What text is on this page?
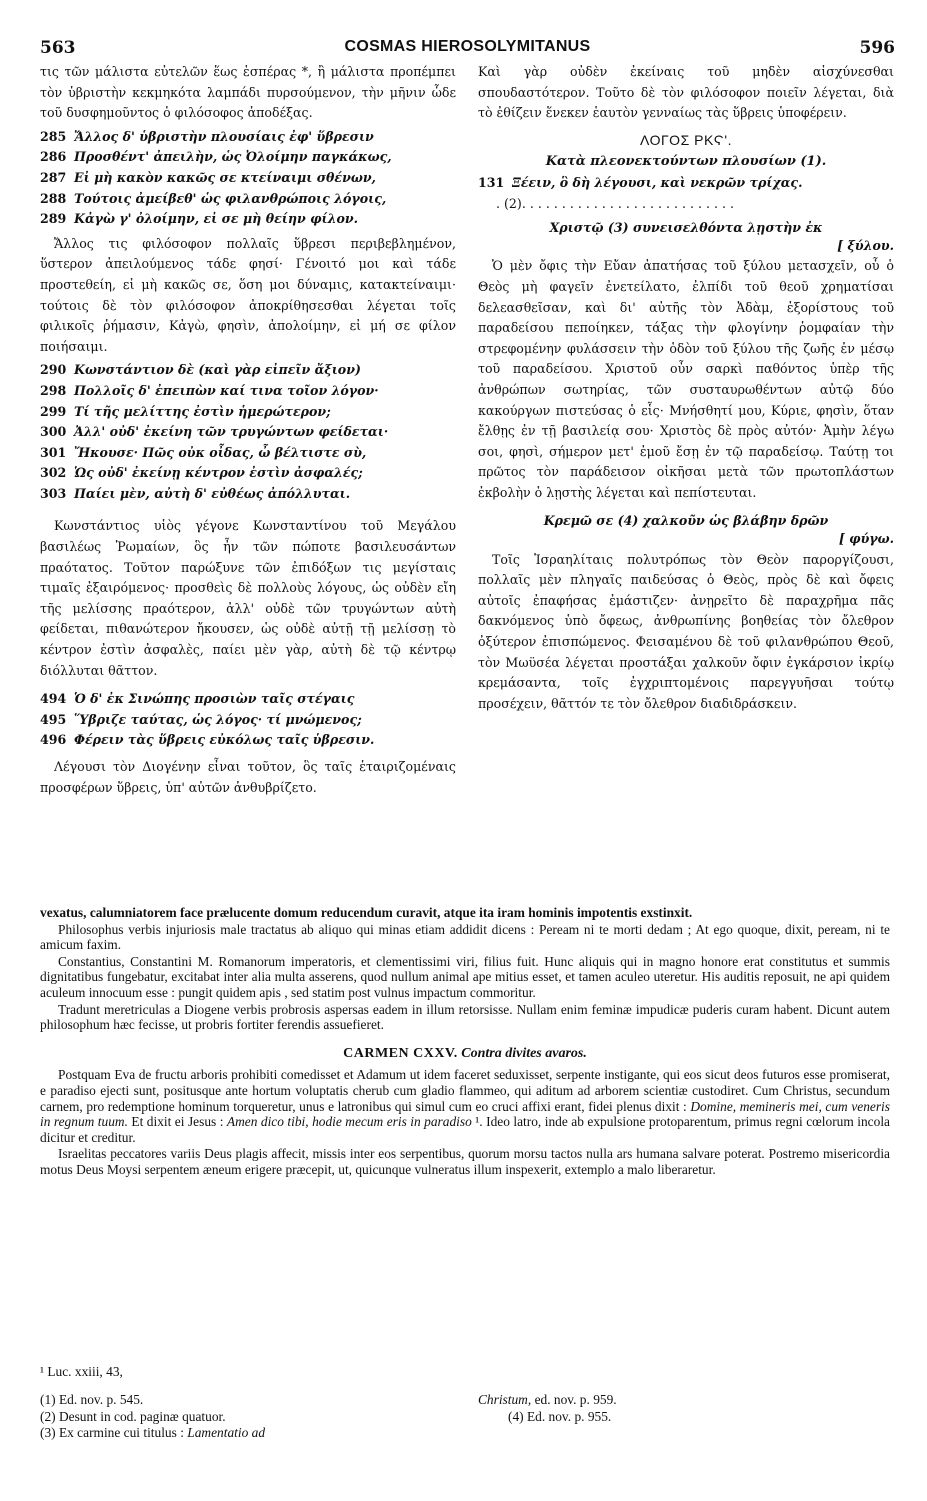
563	COSMAS HIEROSOLYMITANUS	596

τις τῶν μάλιστα εὐτελῶν ἕως ἑσπέρας *, ἢ μάλιστα προπέμπει τὸν ὑβριστὴν κεκμηκότα λαμπάδι πυρσούμενον, τὴν μῆνιν ὧδε τοῦ δυσφημοῦντος ὁ φιλόσοφος ἀποδέξας.

285 Ἄλλος δ' ὑβριστὴν πλουσίαις ἐφ' ὕβρεσιν
286 Προσθέντ' ἀπειλὴν, ὡς Ὀλοίμην παγκάκως,
287 Εἰ μὴ κακὸν κακῶς σε κτείναιμι σθένων,
288 Τούτοις ἀμείβεθ' ὡς φιλανθρώποις λόγοις,
289 Κἀγὼ γ' ὀλοίμην, εἰ σε μὴ θείην φίλον.

Ἄλλος τις φιλόσοφον πολλαῖς ὕβρεσι περιβεβλημένον, ὕστερον ἀπειλούμενος τάδε φησί· Γένοιτό μοι καὶ τάδε προστεθείη, εἰ μὴ κακῶς σε, ὅση μοι δύναμις, κατακτείναιμι· τούτοις δὲ τὸν φιλόσοφον ἀποκρίθησεσθαι λέγεται τοῖς φιλικοῖς ῥήμασιν, Κἀγὼ, φησὶν, ἀπολοίμην, εἰ μή σε φίλον ποιήσαιμι.

290 Κωνστάντιον δὲ (καὶ γὰρ εἰπεῖν ἄξιον)
298 Πολλοῖς δ' ἐπειπὼν καί τινα τοῖον λόγον·
299 Τί τῆς μελίττης ἐστὶν ἡμερώτερον;
300 Ἀλλ' οὐδ' ἐκείνη τῶν τρυγώντων φείδεται·
301 Ἤκουσε· Πῶς οὐκ οἶδας, ὦ βέλτιστε σὺ,
302 Ὡς οὐδ' ἐκείνῃ κέντρον ἐστὶν ἀσφαλές;
303 Παίει μὲν, αὐτὴ δ' εὐθέως ἀπόλλυται.

Κωνστάντιος υἱὸς γέγονε Κωνσταντίνου τοῦ Μεγάλου βασιλέως Ῥωμαίων, ὃς ἦν τῶν πώποτε βασιλευσάντων πραότατος. Τοῦτον παρώξυνε τῶν ἐπιδόξων τις μεγίσταις τιμαῖς ἐξαιρόμενος· προσθεὶς δὲ πολλοὺς λόγους, ὡς οὐδὲν εἴη τῆς μελίσσης πραότερον, ἀλλ' οὐδὲ τῶν τρυγώντων αὐτὴ φείδεται, πιθανώτερον ἤκουσεν, ὡς οὐδὲ αὐτῇ τῇ μελίσσῃ τὸ κέντρον ἐστὶν ἀσφαλὲς, παίει μὲν γὰρ, αὐτὴ δὲ τῷ κέντρῳ διόλλυται θᾶττον.

494 Ὁ δ' ἐκ Σινώπης προσιὼν ταῖς στέγαις
495 Ὕβριζε ταύτας, ὡς λόγος· τί μνώμενος;
496 Φέρειν τὰς ὕβρεις εὐκόλως ταῖς ὑβρεσιν.

Λέγουσι τὸν Διογένην εἶναι τοῦτον, ὃς ταῖς ἑταιριζομέναις προσφέρων ὕβρεις, ὑπ' αὐτῶν ἀνθυβρίζετο.

Καὶ γὰρ οὐδὲν ἐκείναις τοῦ μηδὲν αἰσχύνεσθαι σπουδαστότερον. Τοῦτο δὲ τὸν φιλόσοφον ποιεῖν λέγεται, διὰ τὸ ἐθίζειν ἕνεκεν ἑαυτὸν γενναίως τὰς ὕβρεις ὑποφέρειν.

ΛΟΓΟΣ ΡΚϚ'.
Κατὰ πλεονεκτούντων πλουσίων (1).
131 Ξέειν, ὃ δὴ λέγουσι, καὶ νεκρῶν τρίχας.
. (2). . . . . . . . . . . . . . . . . . . . . . . . . . .
Χριστῷ (3) συνεισελθόντα λῃστὴν ἐκ
[ ξύλου.

Ὁ μὲν ὄφις τὴν Εὔαν ἀπατήσας τοῦ ξύλου μετασχεῖν, οὗ ὁ Θεὸς μὴ φαγεῖν ἐνετείλατο, ἐλπίδι τοῦ θεοῦ χρηματίσαι δελεασθεῖσαν, καὶ δι' αὐτῆς τὸν Ἀδὰμ, ἐξορίστους τοῦ παραδείσου πεποίηκεν, τάξας τὴν φλογίνην ῥομφαίαν τὴν στρεφομένην φυλάσσειν τὴν ὁδὸν τοῦ ξύλου τῆς ζωῆς ἐν μέσῳ τοῦ παραδείσου. Χριστοῦ οὖν σαρκὶ παθόντος ὑπὲρ τῆς ἀνθρώπων σωτηρίας, τῶν συσταυρωθέντων αὐτῷ δύο κακούργων πιστεύσας ὁ εἷς· Μνήσθητί μου, Κύριε, φησὶν, ὅταν ἔλθῃς ἐν τῇ βασιλείᾳ σου· Χριστὸς δὲ πρὸς αὐτόν· Ἀμὴν λέγω σοι, φησὶ, σήμερον μετ' ἐμοῦ ἔσῃ ἐν τῷ παραδείσῳ. Ταύτῃ τοι πρῶτος τὸν παράδεισον οἰκῆσαι μετὰ τῶν πρωτοπλάστων ἐκβολὴν ὁ λῃστὴς λέγεται καὶ πεπίστευται.

Κρεμῶ σε (4) χαλκοῦν ὡς βλάβην δρῶν
[ φύγω.

Τοῖς Ἰσραηλίταις πολυτρόπως τὸν Θεὸν παροργίζουσι, πολλαῖς μὲν πληγαῖς παιδεύσας ὁ Θεὸς, πρὸς δὲ καὶ ὄφεις αὐτοῖς ἐπαφήσας ἐμάστιζεν· ἀνῃρεῖτο δὲ παραχρῆμα πᾶς δακνόμενος ὑπὸ ὄφεως, ἀνθρωπίνης βοηθείας τὸν ὄλεθρον ὀξύτερον ἐπισπώμενος. Φεισαμένου δὲ τοῦ φιλανθρώπου Θεοῦ, τὸν Μωϋσέα λέγεται προστάξαι χαλκοῦν ὄφιν ἐγκάρσιον ἰκρίῳ κρεμάσαντα, τοῖς ἐγχριπτομένοις παρεγγυῆσαι τούτῳ προσέχειν, θᾶττόν τε τὸν ὄλεθρον διαδιδράσκειν.

vexatus, calumniatorem face prælucente domum reducendum curavit, atque ita iram hominis impotentis exstinxit.

Philosophus verbis injuriosis male tractatus ab aliquo qui minas etiam addidit dicens : Peream ni te morti dedam ; At ego quoque, dixit, peream, ni te amicum faxim.

Constantius, Constantini M. Romanorum imperatoris, et clementissimi viri, filius fuit. Hunc aliquis qui in magno honore erat constitutus et summis dignitatibus fungebatur, excitabat inter alia multa asserens, quod nullum animal ape mitius esset, et tamen aculeo uteretur. His auditis reposuit, ne api quidem aculeum innocuum esse : pungit quidem apis , sed statim post vulnus impactum commoritur.

Tradunt meretriculas a Diogene verbis probrosis aspersas eadem in illum retorsisse. Nullam enim feminæ impudicæ puderis curam habent. Dicunt autem philosophum hæc fecisse, ut probris fortiter ferendis assuefieret.

CARMEN CXXV. Contra divites avaros.

Postquam Eva de fructu arboris prohibiti comedisset et Adamum ut idem faceret seduxisset, serpente instigante, qui eos sicut deos futuros esse promiserat, e paradiso ejecti sunt, positusque ante hortum voluptatis cherub cum gladio flammeo, qui aditum ad arborem scientiæ custodiret. Cum Christus, secundum carnem, pro redemptione hominum torqueretur, unus e latronibus qui simul cum eo cruci affixi erant, fidei plenus dixit : Domine, memineris mei, cum veneris in regnum tuum. Et dixit ei Jesus : Amen dico tibi, hodie mecum eris in paradiso ¹. Ideo latro, inde ab expulsione protoparentum, primus regni cœlorum incola dicitur et creditur.

Israelitas peccatores variis Deus plagis affecit, missis inter eos serpentibus, quorum morsu tactos nulla ars humana salvare poterat. Postremo misericordia motus Deus Moysi serpentem æneum erigere præcepit, ut, quicunque vulneratus illum inspexerit, extemplo a malo liberaretur.

¹ Luc. xxiii, 43,
(1) Ed. nov. p. 545.
(2) Desunt in cod. paginæ quatuor.
(3) Ex carmine cui titulus : Lamentatio ad
Christum, ed. nov. p. 959.
(4) Ed. nov. p. 955.
